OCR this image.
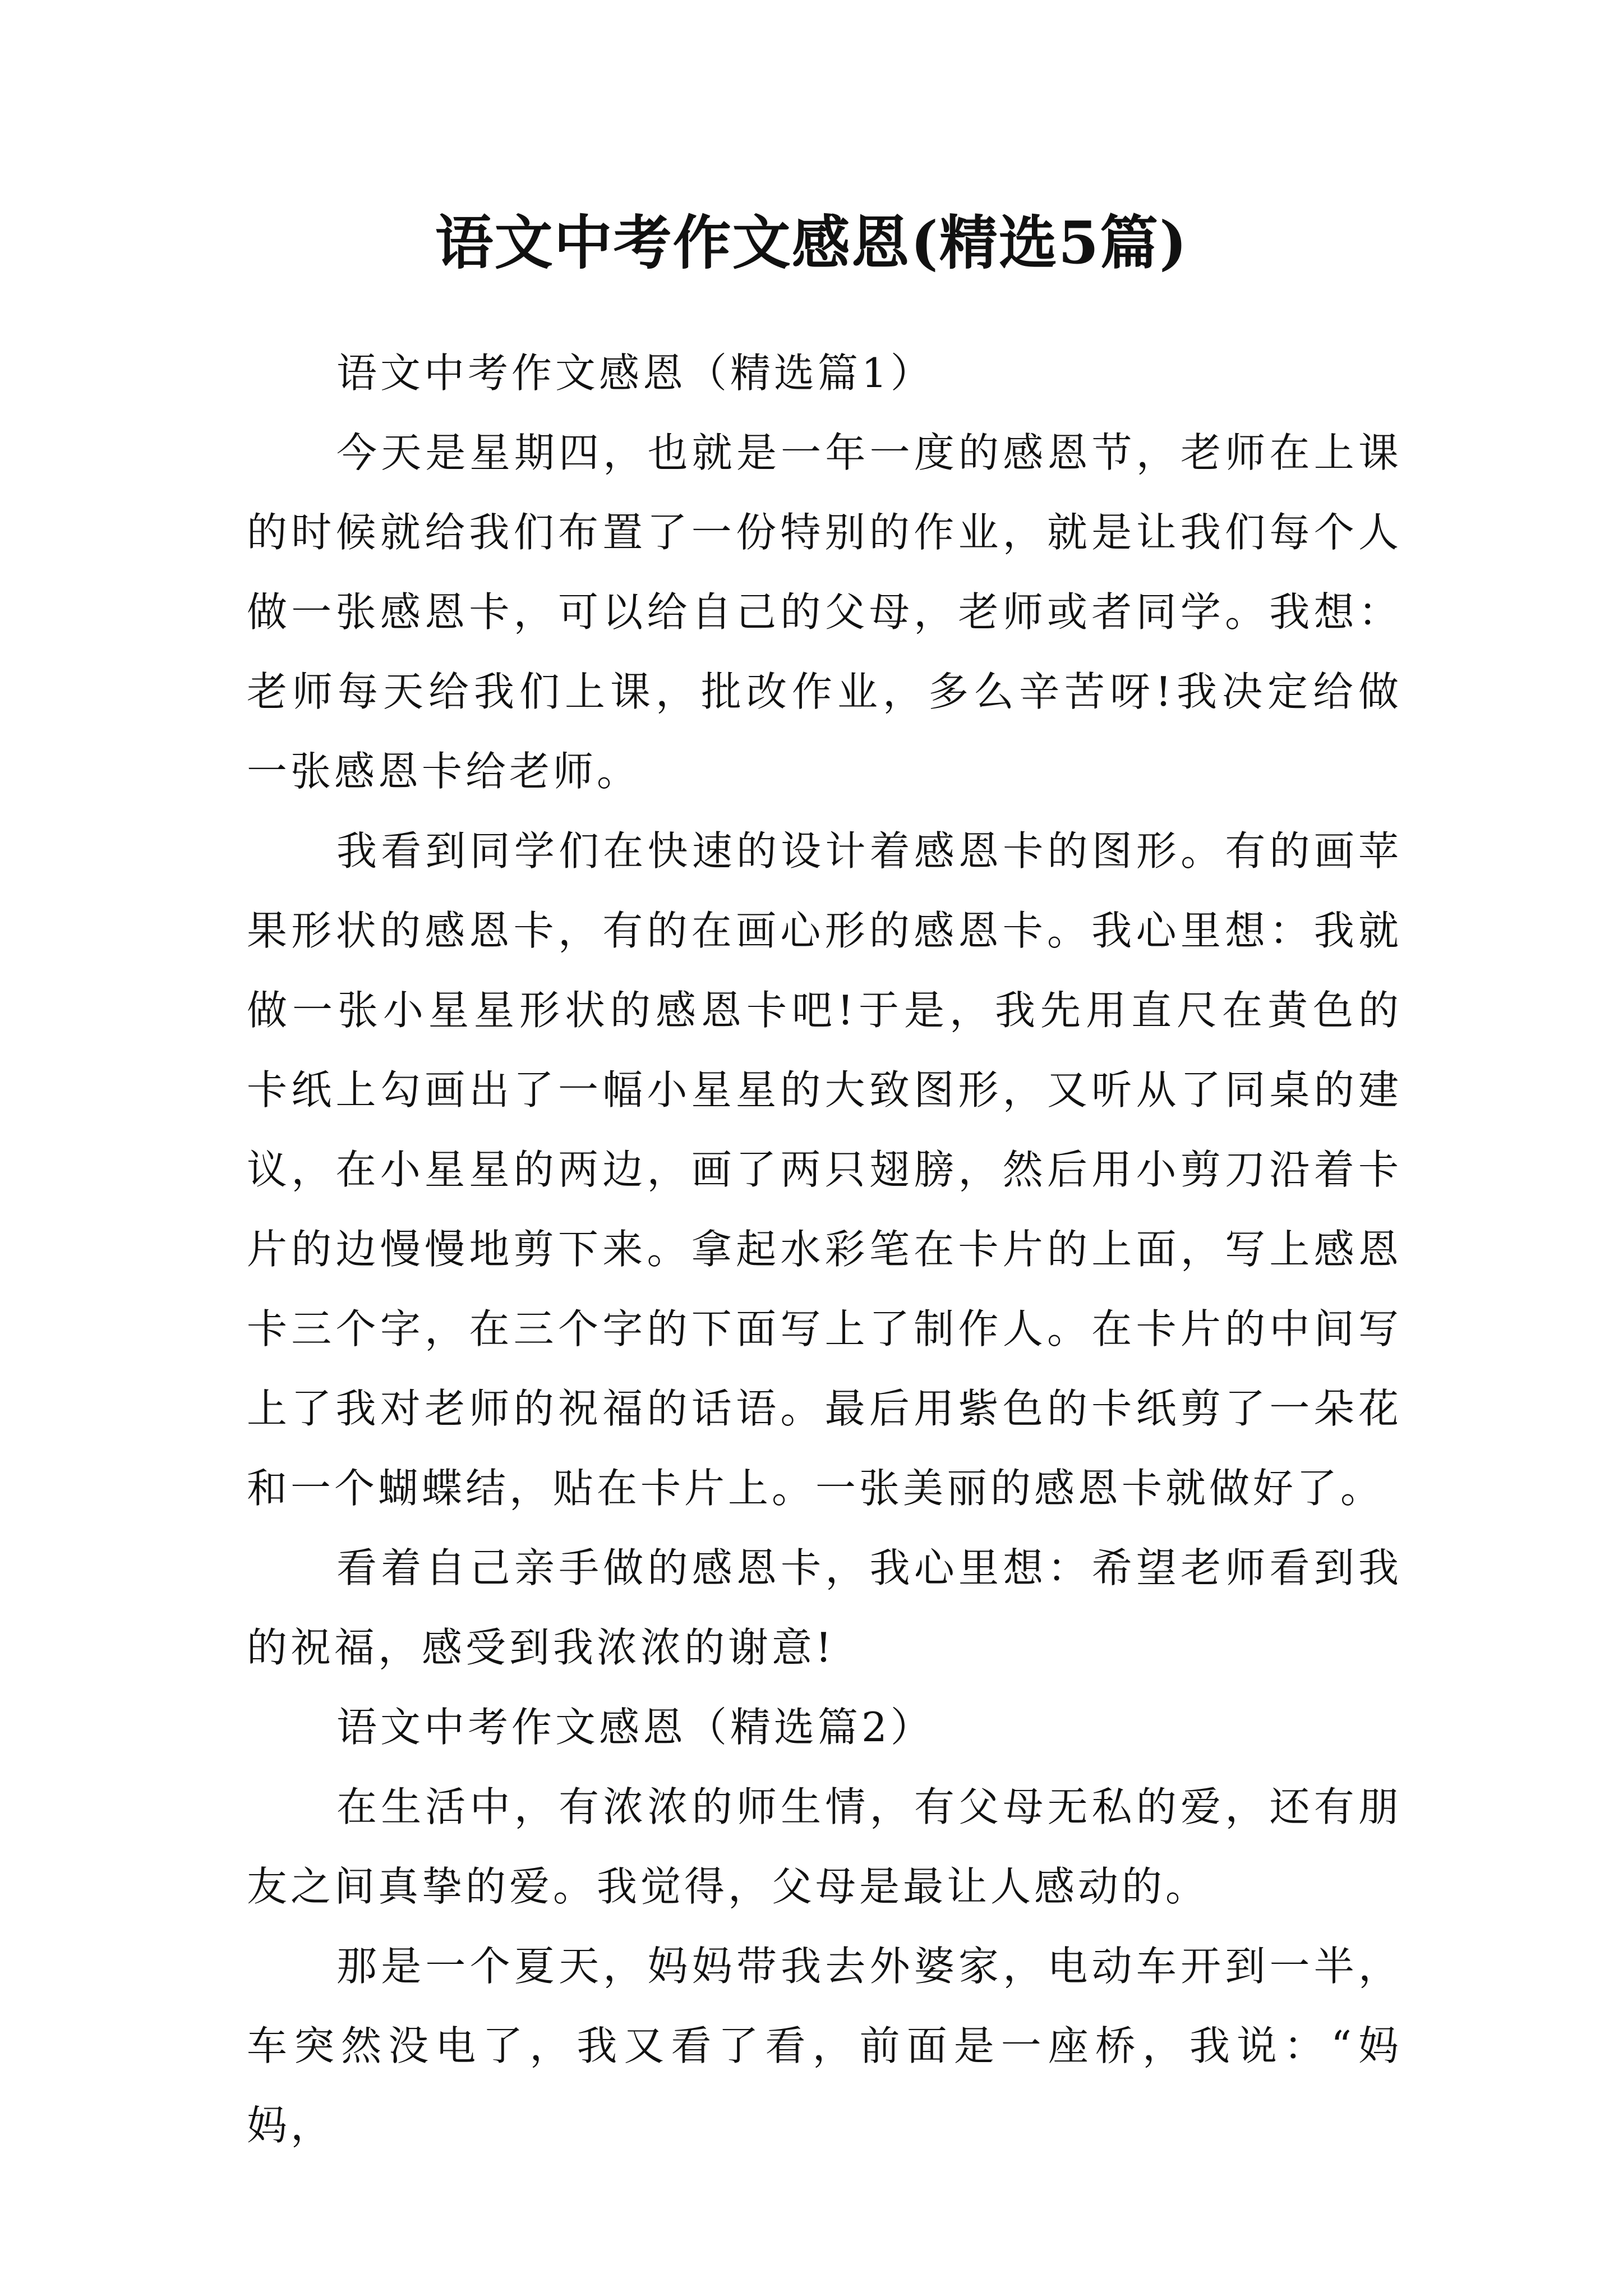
语文中考作文感恩(精选5篇)

语文中考作文感恩（精选篇1）

今天是星期四，也就是一年一度的感恩节，老师在上课的时候就给我们布置了一份特别的作业，就是让我们每个人做一张感恩卡，可以给自己的父母，老师或者同学。我想：老师每天给我们上课，批改作业，多么辛苦呀!我决定给做一张感恩卡给老师。

我看到同学们在快速的设计着感恩卡的图形。有的画苹果形状的感恩卡，有的在画心形的感恩卡。我心里想：我就做一张小星星形状的感恩卡吧!于是，我先用直尺在黄色的卡纸上勾画出了一幅小星星的大致图形，又听从了同桌的建议，在小星星的两边，画了两只翅膀，然后用小剪刀沿着卡片的边慢慢地剪下来。拿起水彩笔在卡片的上面，写上感恩卡三个字，在三个字的下面写上了制作人。在卡片的中间写上了我对老师的祝福的话语。最后用紫色的卡纸剪了一朵花和一个蝴蝶结，贴在卡片上。一张美丽的感恩卡就做好了。

看着自己亲手做的感恩卡，我心里想：希望老师看到我的祝福，感受到我浓浓的谢意!

语文中考作文感恩（精选篇2）

在生活中，有浓浓的师生情，有父母无私的爱，还有朋友之间真挚的爱。我觉得，父母是最让人感动的。

那是一个夏天，妈妈带我去外婆家，电动车开到一半，车突然没电了，我又看了看，前面是一座桥，我说：“妈妈，
